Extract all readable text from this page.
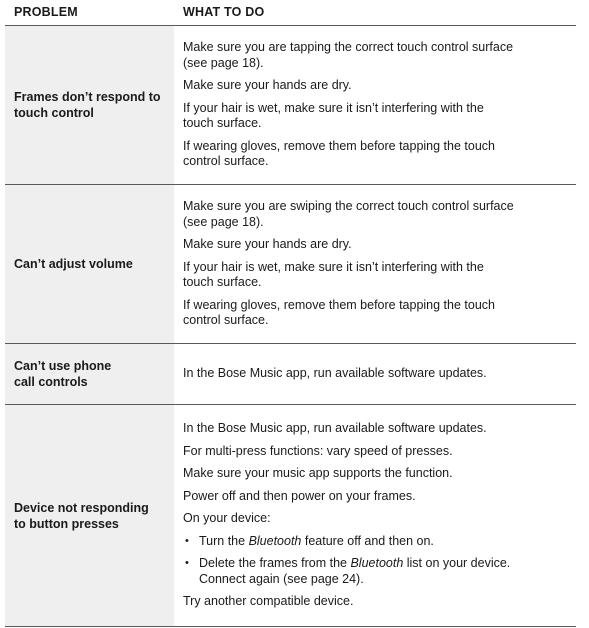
PROBLEM	WHAT TO DO
Frames don’t respond to
touch control
Make sure you are tapping the correct touch control surface
(see page 18).
Make sure your hands are dry.
If your hair is wet, make sure it isn’t interfering with the
touch surface.
If wearing gloves, remove them before tapping the touch
control surface.
Can’t adjust volume
Make sure you are swiping the correct touch control surface
(see page 18).
Make sure your hands are dry.
If your hair is wet, make sure it isn’t interfering with the
touch surface.
If wearing gloves, remove them before tapping the touch
control surface.
Can’t use phone
call controls
In the Bose Music app, run available software updates.
Device not responding
to button presses
In the Bose Music app, run available software updates.
For multi-press functions: vary speed of presses.
Make sure your music app supports the function.
Power off and then power on your frames.
On your device:
• Turn the Bluetooth feature off and then on.
• Delete the frames from the Bluetooth list on your device.
Connect again (see page 24).
Try another compatible device.
